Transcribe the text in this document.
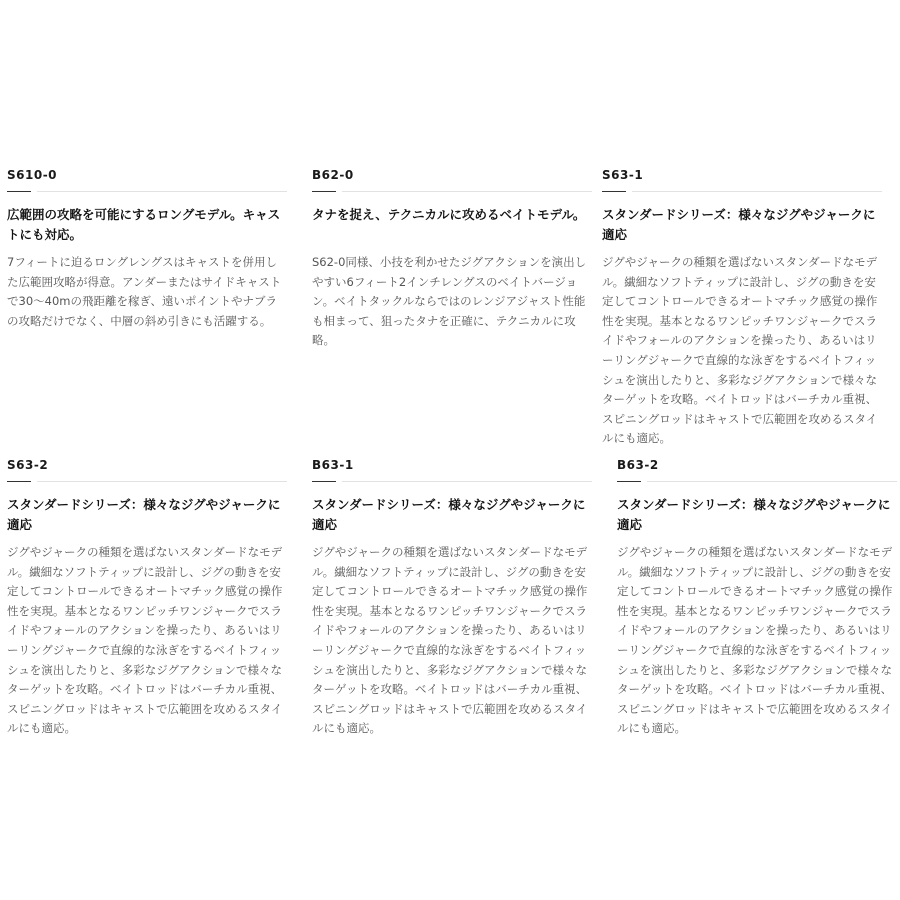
S610-0
広範囲の攻略を可能にするロングモデル。キャストにも対応。
7フィートに迫るロングレングスはキャストを併用した広範囲攻略が得意。アンダーまたはサイドキャストで30〜40mの飛距離を稼ぎ、遠いポイントやナブラの攻略だけでなく、中層の斜め引きにも活躍する。
B62-0
タナを捉え、テクニカルに攻めるベイトモデル。
S62-0同様、小技を利かせたジグアクションを演出しやすい6フィート2インチレングスのベイトバージョン。ベイトタックルならではのレンジアジャスト性能も相まって、狙ったタナを正確に、テクニカルに攻略。
S63-1
スタンダードシリーズ：様々なジグやジャークに適応
ジグやジャークの種類を選ばないスタンダードなモデル。繊細なソフトティップに設計し、ジグの動きを安定してコントロールできるオートマチック感覚の操作性を実現。基本となるワンピッチワンジャークでスライドやフォールのアクションを操ったり、あるいはリーリングジャークで直線的な泳ぎをするベイトフィッシュを演出したりと、多彩なジグアクションで様々なターゲットを攻略。ベイトロッドはバーチカル重視、スピニングロッドはキャストで広範囲を攻めるスタイルにも適応。
S63-2
スタンダードシリーズ：様々なジグやジャークに適応
ジグやジャークの種類を選ばないスタンダードなモデル。繊細なソフトティップに設計し、ジグの動きを安定してコントロールできるオートマチック感覚の操作性を実現。基本となるワンピッチワンジャークでスライドやフォールのアクションを操ったり、あるいはリーリングジャークで直線的な泳ぎをするベイトフィッシュを演出したりと、多彩なジグアクションで様々なターゲットを攻略。ベイトロッドはバーチカル重視、スピニングロッドはキャストで広範囲を攻めるスタイルにも適応。
B63-1
スタンダードシリーズ：様々なジグやジャークに適応
ジグやジャークの種類を選ばないスタンダードなモデル。繊細なソフトティップに設計し、ジグの動きを安定してコントロールできるオートマチック感覚の操作性を実現。基本となるワンピッチワンジャークでスライドやフォールのアクションを操ったり、あるいはリーリングジャークで直線的な泳ぎをするベイトフィッシュを演出したりと、多彩なジグアクションで様々なターゲットを攻略。ベイトロッドはバーチカル重視、スピニングロッドはキャストで広範囲を攻めるスタイルにも適応。
B63-2
スタンダードシリーズ：様々なジグやジャークに適応
ジグやジャークの種類を選ばないスタンダードなモデル。繊細なソフトティップに設計し、ジグの動きを安定してコントロールできるオートマチック感覚の操作性を実現。基本となるワンピッチワンジャークでスライドやフォールのアクションを操ったり、あるいはリーリングジャークで直線的な泳ぎをするベイトフィッシュを演出したりと、多彩なジグアクションで様々なターゲットを攻略。ベイトロッドはバーチカル重視、スピニングロッドはキャストで広範囲を攻めるスタイルにも適応。
